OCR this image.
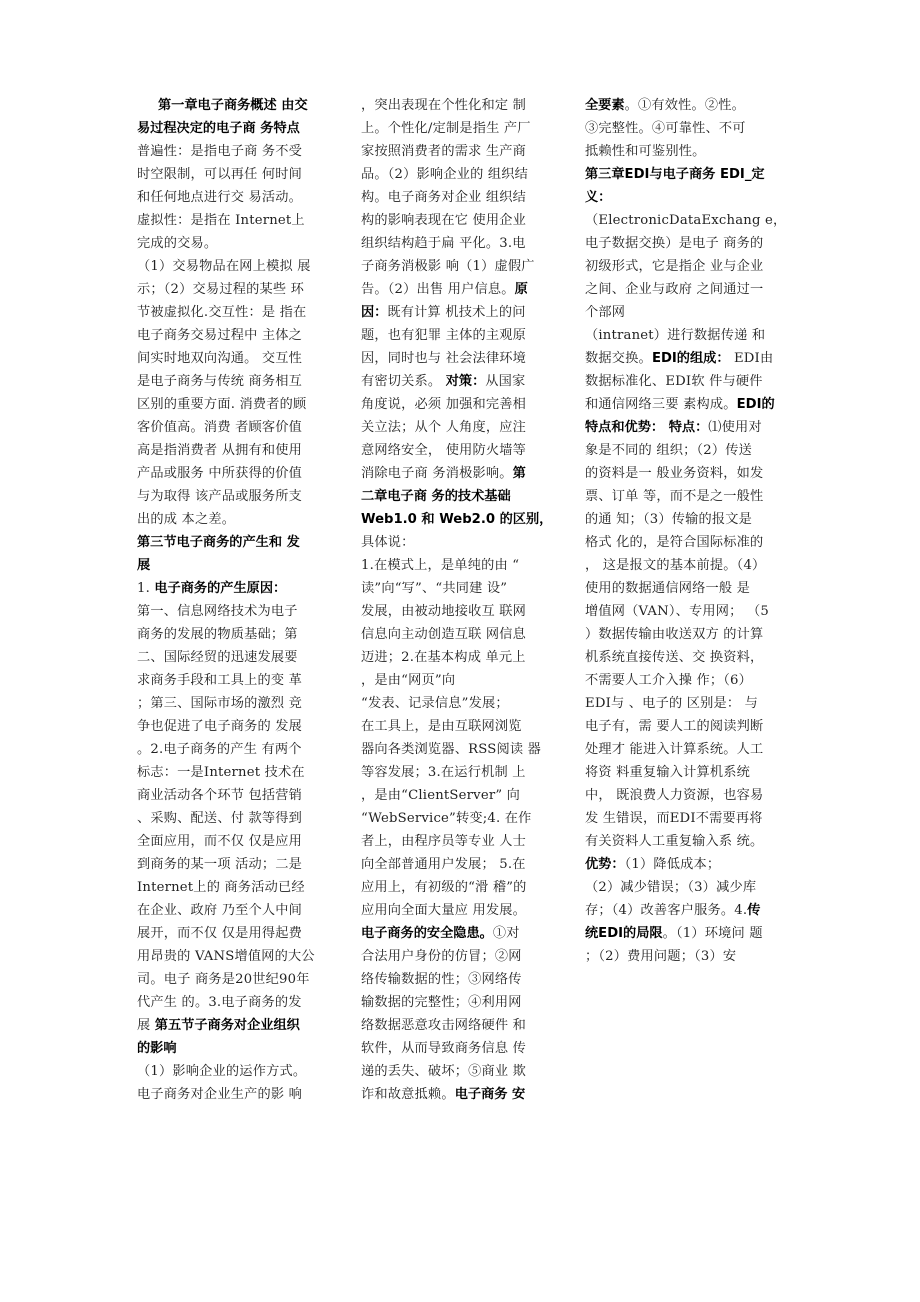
第一章电子商务概述 由交
易过程决定的电子商 务特点
普遍性：是指电子商 务不受
时空限制，可以再任 何时间
和任何地点进行交 易活动。
虚拟性：是指在 Internet上
完成的交易。
（1）交易物品在网上模拟 展
示；（2）交易过程的某些 环
节被虚拟化.交互性：是 指在
电子商务交易过程中 主体之
间实时地双向沟通。 交互性
是电子商务与传统 商务相互
区别的重要方面. 消费者的顾
客价值高。消费 者顾客价值
高是指消费者 从拥有和使用
产品或服务 中所获得的价值
与为取得 该产品或服务所支
出的成 本之差。
第三节电子商务的产生和 发
展
1. 电子商务的产生原因：
第一、信息网络技术为电子
商务的发展的物质基础；第
二、国际经贸的迅速发展要
求商务手段和工具上的变 革
；第三、国际市场的激烈 竞
争也促进了电子商务的 发展
。2.电子商务的产生 有两个
标志：一是Internet 技术在
商业活动各个环节 包括营销
、采购、配送、付 款等得到
全面应用，而不仅 仅是应用
到商务的某一项 活动；二是
Internet上的 商务活动已经
在企业、政府 乃至个人中间
展开，而不仅 仅是用得起费
用昂贵的 VANS增值网的大公
司。电子 商务是20世纪90年
代产生 的。3.电子商务的发
展 第五节子商务对企业组织
的影响
（1）影响企业的运作方式。
电子商务对企业生产的影 响
，突出表现在个性化和定 制
上。个性化/定制是指生 产厂
家按照消费者的需求 生产商
品。（2）影响企业的 组织结
构。电子商务对企业 组织结
构的影响表现在它 使用企业
组织结构趋于扁 平化。3.电
子商务消极影 响（1）虚假广
告。（2）出售 用户信息。原
因：既有计算 机技术上的问
题，也有犯罪 主体的主观原
因，同时也与 社会法律环境
有密切关系。 对策：从国家
角度说，必须 加强和完善相
关立法；从个 人角度，应注
意网络安全， 使用防火墙等
消除电子商 务消极影响。第
二章电子商 务的技术基础
Web1.0 和 Web2.0 的区别，
具体说：
1.在模式上，是单纯的由 “
读”向“写”、“共同建 设”
发展，由被动地接收互 联网
信息向主动创造互联 网信息
迈进；2.在基本构成 单元上
，是由“网页”向
“发表、记录信息”发展；
在工具上，是由互联网浏览
器向各类浏览器、RSS阅读 器
等容发展；3.在运行机制 上
，是由“ClientServer” 向
“WebService”转变;4. 在作
者上，由程序员等专业 人士
向全部普通用户发展； 5.在
应用上，有初级的“滑 稽”的
应用向全面大量应 用发展。
电子商务的安全隐患。①对
合法用户身份的仿冒；②网
络传输数据的性；③网络传
输数据的完整性；④利用网
络数据恶意攻击网络硬件 和
软件，从而导致商务信息 传
递的丢失、破坏；⑤商业 欺
诈和故意抵赖。电子商务 安
全要素。①有效性。②性。
③完整性。④可靠性、不可
抵赖性和可鉴别性。
第三章EDI与电子商务 EDI_定
义：
（ElectronicDataExchang e，
电子数据交换）是电子 商务的
初级形式，它是指企 业与企业
之间、企业与政府 之间通过一
个部网
（intranet）进行数据传递 和
数据交换。EDI的组成： EDI由
数据标准化、EDI软 件与硬件
和通信网络三要 素构成。EDI的
特点和优势： 特点：⑴使用对
象是不同的 组织；（2）传送
的资料是一 般业务资料，如发
票、订单 等，而不是之一般性
的通 知；（3）传输的报文是
格式 化的，是符合国际标准的
， 这是报文的基本前提。（4）
使用的数据通信网络一般 是
增值网（VAN）、专用网； （5
）数据传输由收送双方 的计算
机系统直接传送、交 换资料，
不需要人工介入操 作；（6）
EDI与 、电子的 区别是： 与
电子有，需 要人工的阅读判断
处理才 能进入计算系统。人工
将资 料重复输入计算机系统
中， 既浪费人力资源，也容易
发 生错误，而EDI不需要再将
有关资料人工重复输入系 统。
优势：（1）降低成本；
（2）减少错误；（3）减少库
存；（4）改善客户服务。4.传
统EDI的局限。（1）环境问 题
；（2）费用问题；（3）安
